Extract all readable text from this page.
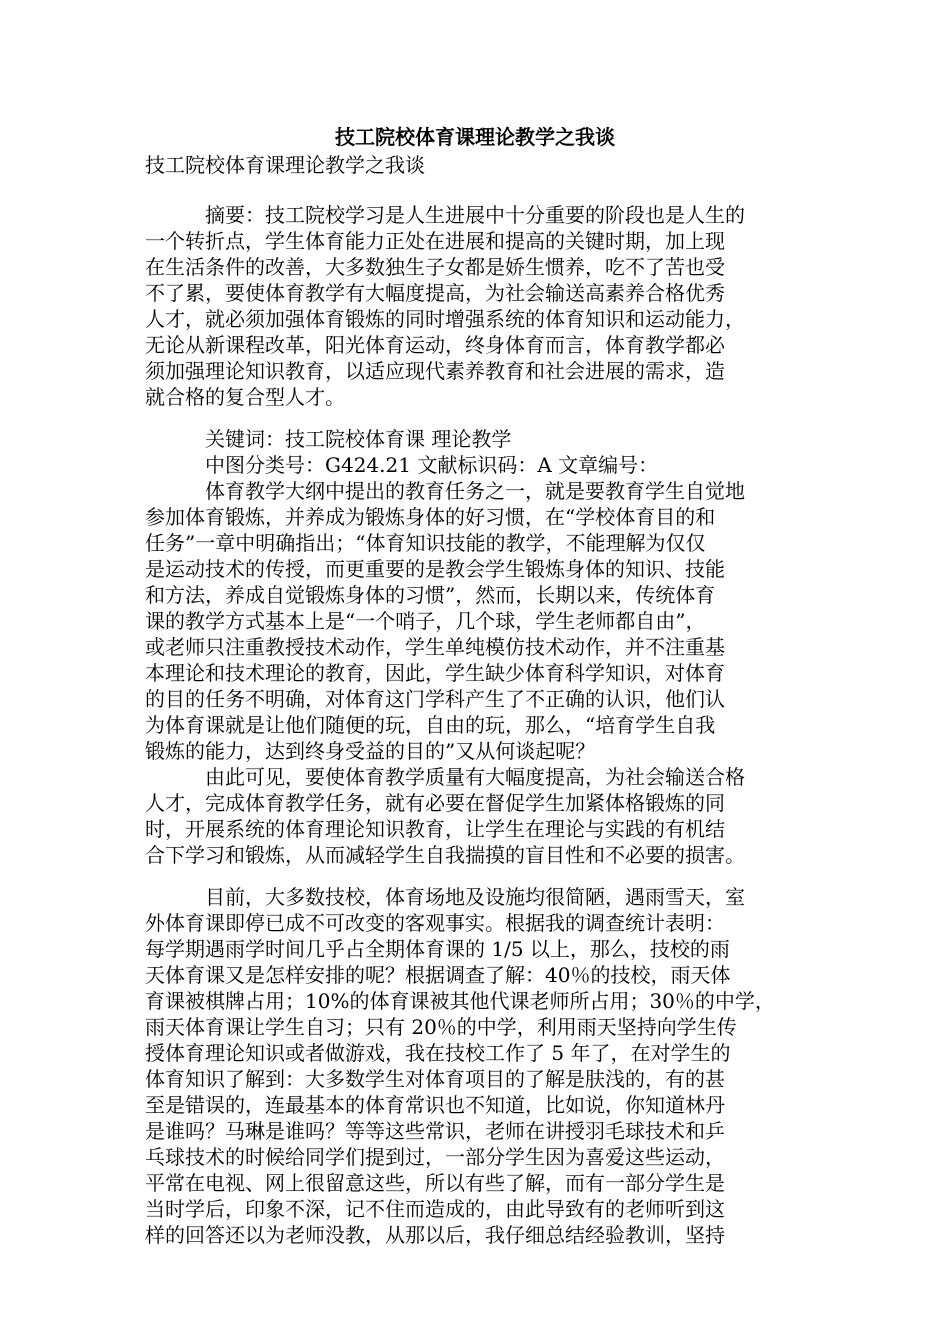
技工院校体育课理论教学之我谈

技工院校体育课理论教学之我谈

　　　摘要：技工院校学习是人生进展中十分重要的阶段也是人生的

一个转折点，学生体育能力正处在进展和提高的关键时期，加上现

在生活条件的改善，大多数独生子女都是娇生惯养，吃不了苦也受

不了累，要使体育教学有大幅度提高，为社会输送高素养合格优秀

人才，就必须加强体育锻炼的同时增强系统的体育知识和运动能力，

无论从新课程改革，阳光体育运动，终身体育而言，体育教学都必

须加强理论知识教育，以适应现代素养教育和社会进展的需求，造

就合格的复合型人才。

　　　关键词：技工院校体育课 理论教学

　　　中图分类号：G424.21 文献标识码：A 文章编号：

　　　体育教学大纲中提出的教育任务之一，就是要教育学生自觉地

参加体育锻炼，并养成为锻炼身体的好习惯，在“学校体育目的和

任务”一章中明确指出；“体育知识技能的教学，不能理解为仅仅

是运动技术的传授，而更重要的是教会学生锻炼身体的知识、技能

和方法，养成自觉锻炼身体的习惯”，然而，长期以来，传统体育

课的教学方式基本上是“一个哨子，几个球，学生老师都自由”，

或老师只注重教授技术动作，学生单纯模仿技术动作，并不注重基

本理论和技术理论的教育，因此，学生缺少体育科学知识，对体育

的目的任务不明确，对体育这门学科产生了不正确的认识，他们认

为体育课就是让他们随便的玩，自由的玩，那么，“培育学生自我

锻炼的能力，达到终身受益的目的”又从何谈起呢？

　　　由此可见，要使体育教学质量有大幅度提高，为社会输送合格

人才，完成体育教学任务，就有必要在督促学生加紧体格锻炼的同

时，开展系统的体育理论知识教育，让学生在理论与实践的有机结

合下学习和锻炼，从而减轻学生自我揣摸的盲目性和不必要的损害。

　　　目前，大多数技校，体育场地及设施均很简陋，遇雨雪天，室

外体育课即停已成不可改变的客观事实。根据我的调查统计表明：

每学期遇雨学时间几乎占全期体育课的 1/5 以上，那么，技校的雨

天体育课又是怎样安排的呢？根据调查了解：40％的技校，雨天体

育课被棋牌占用；10%的体育课被其他代课老师所占用；30％的中学，

雨天体育课让学生自习；只有 20％的中学，利用雨天坚持向学生传

授体育理论知识或者做游戏，我在技校工作了 5 年了，在对学生的

体育知识了解到：大多数学生对体育项目的了解是肤浅的，有的甚

至是错误的，连最基本的体育常识也不知道，比如说，你知道林丹

是谁吗？马琳是谁吗？等等这些常识，老师在讲授羽毛球技术和乒

乓球技术的时候给同学们提到过，一部分学生因为喜爱这些运动，

平常在电视、网上很留意这些，所以有些了解，而有一部分学生是

当时学后，印象不深，记不住而造成的，由此导致有的老师听到这

样的回答还以为老师没教，从那以后，我仔细总结经验教训，坚持
